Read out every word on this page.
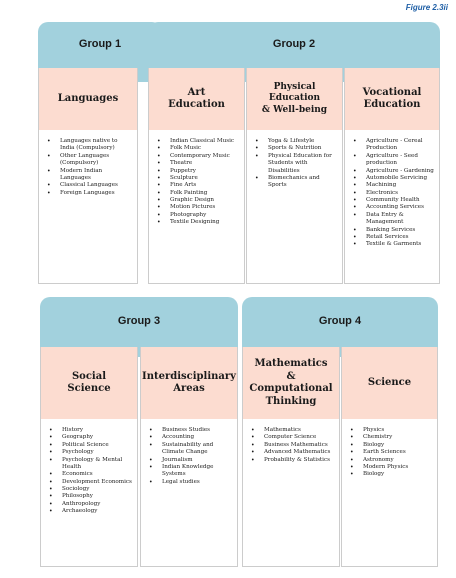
Figure 2.3ii
Group 1	Group 2
Group 3	Group 4
Languages
• Languages native to India (Compulsory)
• Other Languages (Compulsory)
• Modern Indian Languages
• Classical Languages
• Foreign Languages
Art
Education
• Indian Classical Music
• Folk Music
• Contemporary Music
• Theatre
• Puppetry
• Sculpture
• Fine Arts
• Folk Painting
• Graphic Design
• Motion Pictures
• Photography
• Textile Designing
Physical
Education
& Well-being
• Yoga & Lifestyle
• Sports & Nutrition
• Physical Education for Students with Disabilities
• Biomechanics and Sports
Vocational
Education
• Agriculture - Cereal Production
• Agriculture - Seed production
• Agriculture - Gardening
• Automobile Servicing
• Machining
• Electronics
• Community Health
• Accounting Services
• Data Entry & Management
• Banking Services
• Retail Services
• Textile & Garments
Social
Science
• History
• Geography
• Political Science
• Psychology
• Psychology & Mental Health
• Economics
• Development Economics
• Sociology
• Philosophy
• Anthropology
• Archaeology
Interdisciplinary
Areas
• Business Studies
• Accounting
• Sustainability and Climate Change
• Journalism
• Indian Knowledge Systems
• Legal studies
Mathematics
&
Computational
Thinking
• Mathematics
• Computer Science
• Business Mathematics
• Advanced Mathematics
• Probability & Statistics
Science
• Physics
• Chemistry
• Biology
• Earth Sciences
• Astronomy
• Modern Physics
• Biology
